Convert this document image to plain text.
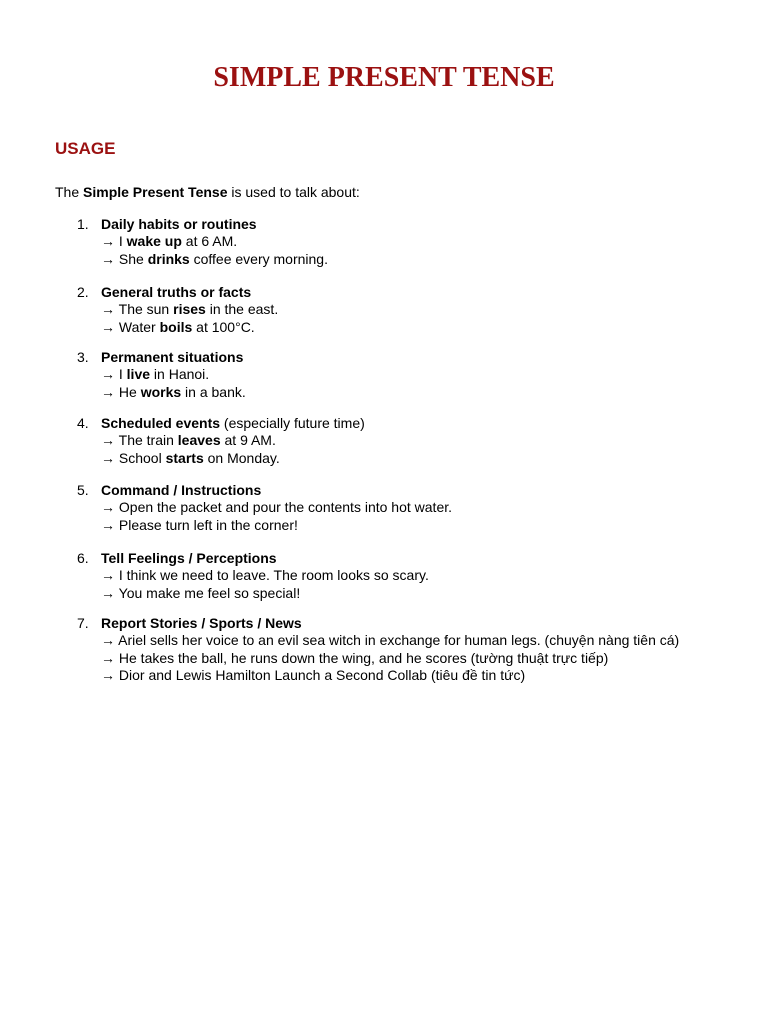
SIMPLE PRESENT TENSE
USAGE

The Simple Present Tense is used to talk about:

1. Daily habits or routines
→ I wake up at 6 AM.
→ She drinks coffee every morning.
2. General truths or facts
→ The sun rises in the east.
→ Water boils at 100°C.
3. Permanent situations
→ I live in Hanoi.
→ He works in a bank.
4. Scheduled events (especially future time)
→ The train leaves at 9 AM.
→ School starts on Monday.
5. Command / Instructions
→ Open the packet and pour the contents into hot water.
→ Please turn left in the corner!
6. Tell Feelings / Perceptions
→ I think we need to leave. The room looks so scary.
→ You make me feel so special!
7. Report Stories / Sports / News
→ Ariel sells her voice to an evil sea witch in exchange for human legs. (chuyện nàng tiên cá)
→ He takes the ball, he runs down the wing, and he scores (tường thuật trực tiếp)
→ Dior and Lewis Hamilton Launch a Second Collab (tiêu đề tin tức)
